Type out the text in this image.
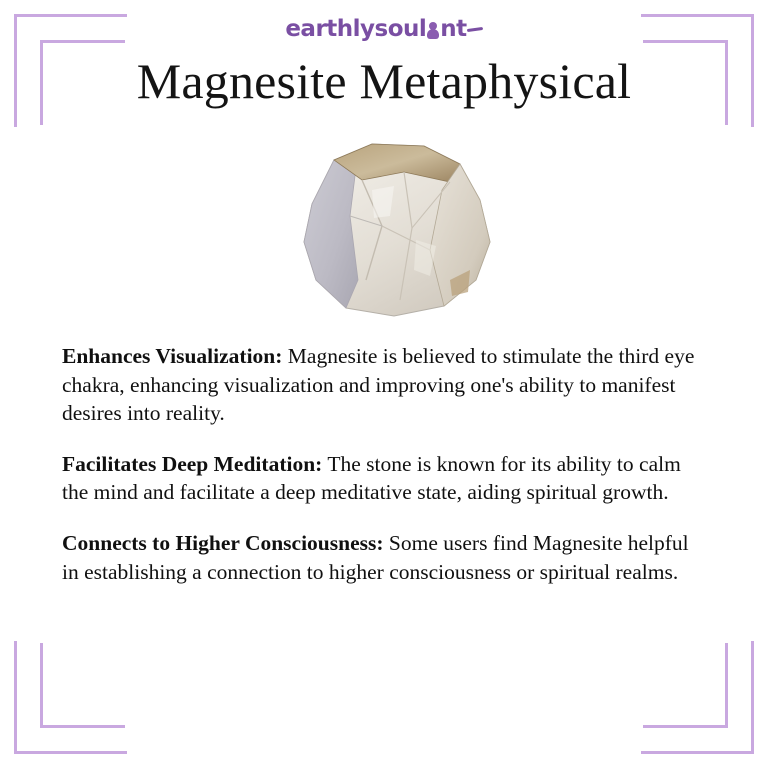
earthlysoul nt
Magnesite Metaphysical

Enhances Visualization: Magnesite is believed to stimulate the third eye chakra, enhancing visualization and improving one's ability to manifest desires into reality.

Facilitates Deep Meditation: The stone is known for its ability to calm the mind and facilitate a deep meditative state, aiding spiritual growth.

Connects to Higher Consciousness: Some users find Magnesite helpful in establishing a connection to higher consciousness or spiritual realms.
